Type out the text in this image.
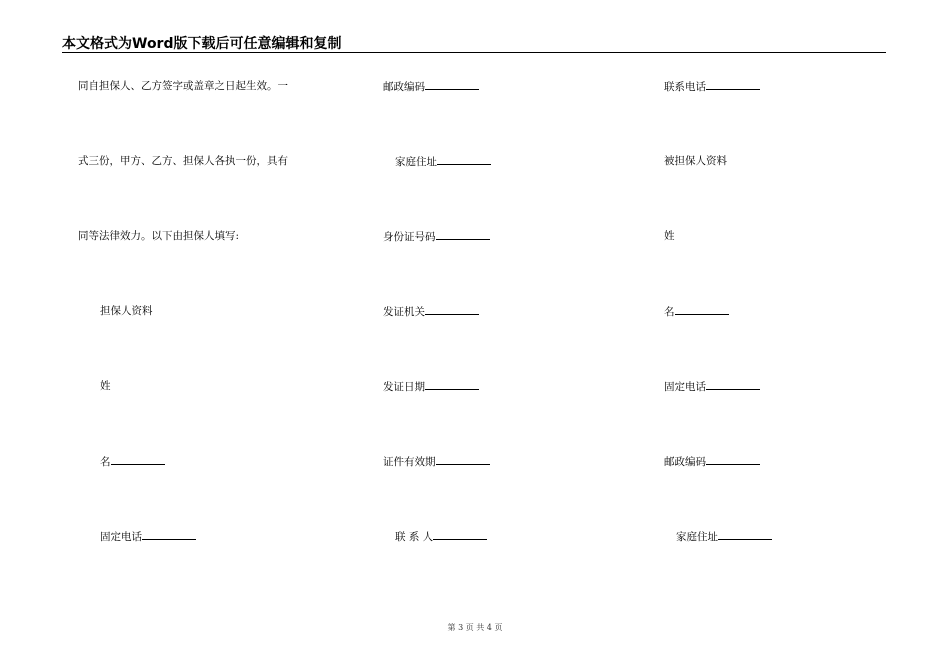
本文格式为Word版下载后可任意编辑和复制
同自担保人、乙方签字或盖章之日起生效。一
式三份，甲方、乙方、担保人各执一份，具有
同等法律效力。以下由担保人填写:
担保人资料
姓
名
固定电话
邮政编码
家庭住址
身份证号码
发证机关
发证日期
证件有效期
联 系 人
联系电话
被担保人资料
姓
名
固定电话
邮政编码
家庭住址
第 3 页 共 4 页
